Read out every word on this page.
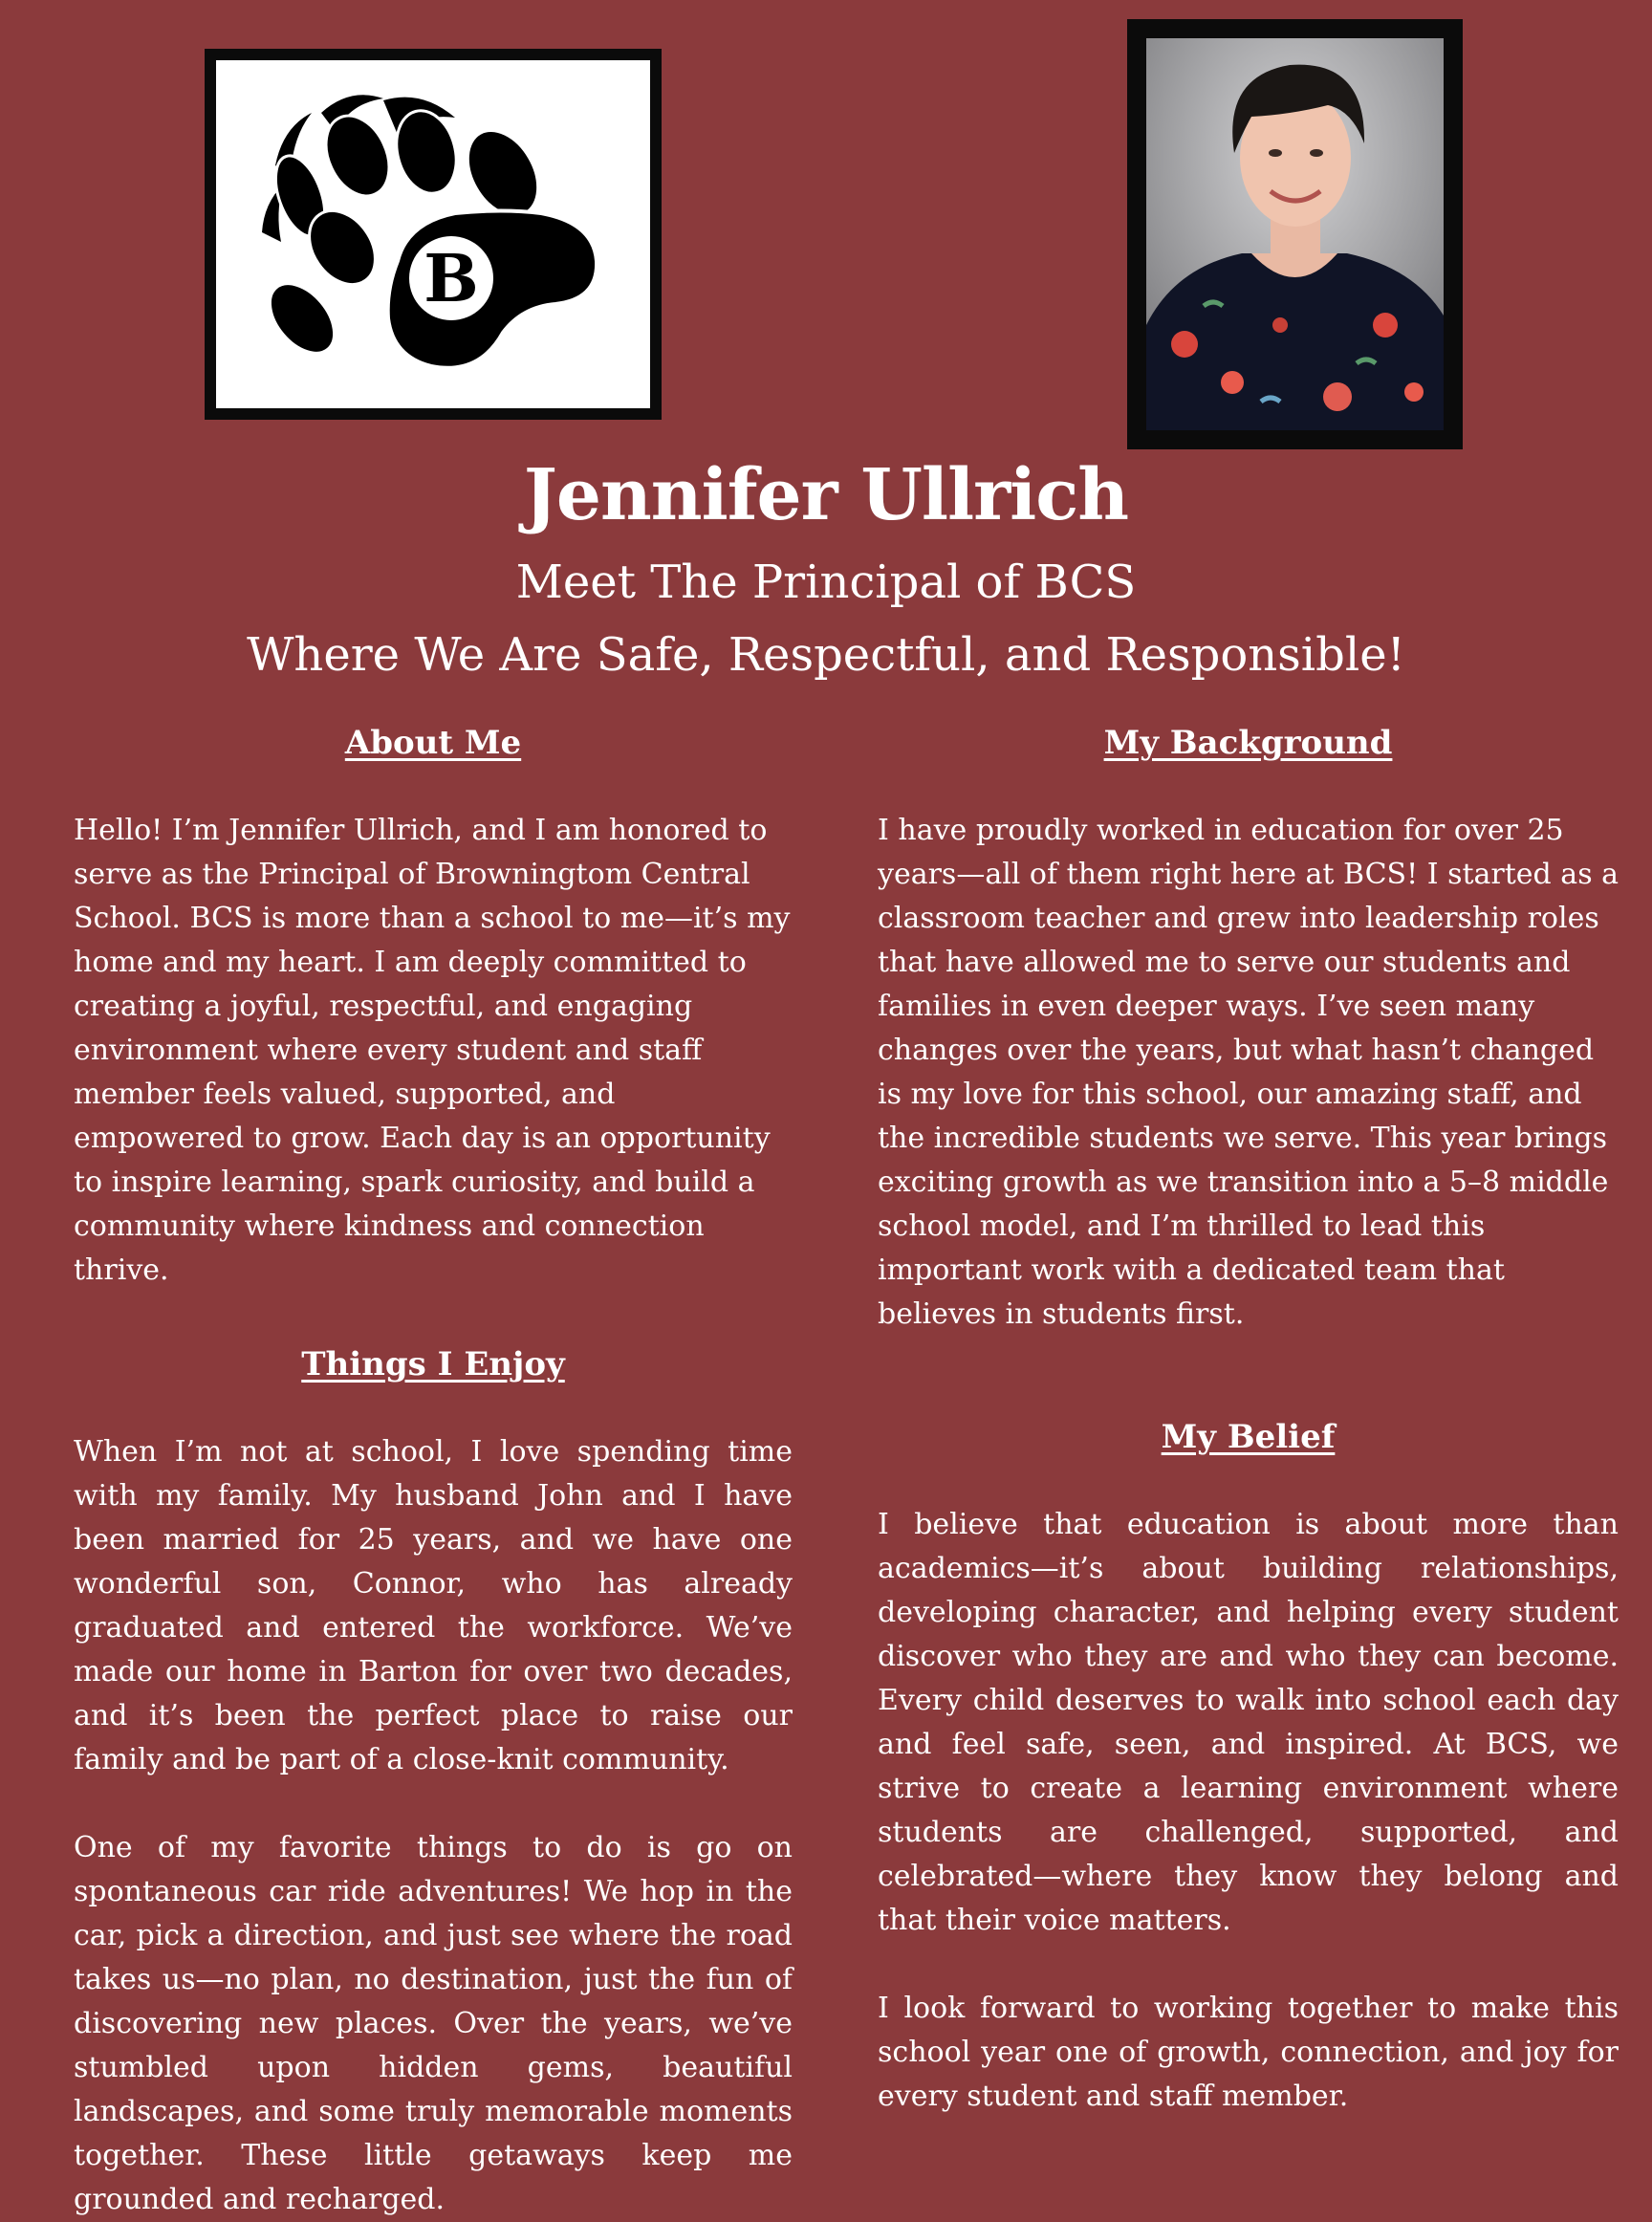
B
Jennifer Ullrich

Meet The Principal of BCS

Where We Are Safe, Respectful, and Responsible!

About Me

Hello! I’m Jennifer Ullrich, and I am honored to serve as the Principal of Browningtom Central School. BCS is more than a school to me—it’s my home and my heart. I am deeply committed to creating a joyful, respectful, and engaging environment where every student and staff member feels valued, supported, and empowered to grow. Each day is an opportunity to inspire learning, spark curiosity, and build a community where kindness and connection thrive.

Things I Enjoy

When I’m not at school, I love spending time with my family. My husband John and I have been married for 25 years, and we have one wonderful son, Connor, who has already graduated and entered the workforce. We’ve made our home in Barton for over two decades, and it’s been the perfect place to raise our family and be part of a close-knit community.

One of my favorite things to do is go on spontaneous car ride adventures! We hop in the car, pick a direction, and just see where the road takes us—no plan, no destination, just the fun of discovering new places. Over the years, we’ve stumbled upon hidden gems, beautiful landscapes, and some truly memorable moments together. These little getaways keep me grounded and recharged.

My Background

I have proudly worked in education for over 25 years—all of them right here at BCS! I started as a classroom teacher and grew into leadership roles that have allowed me to serve our students and families in even deeper ways. I’ve seen many changes over the years, but what hasn’t changed is my love for this school, our amazing staff, and the incredible students we serve. This year brings exciting growth as we transition into a 5–8 middle school model, and I’m thrilled to lead this important work with a dedicated team that believes in students first.

My Belief

I believe that education is about more than academics—it’s about building relationships, developing character, and helping every student discover who they are and who they can become. Every child deserves to walk into school each day and feel safe, seen, and inspired. At BCS, we strive to create a learning environment where students are challenged, supported, and celebrated—where they know they belong and that their voice matters.

I look forward to working together to make this school year one of growth, connection, and joy for every student and staff member.
